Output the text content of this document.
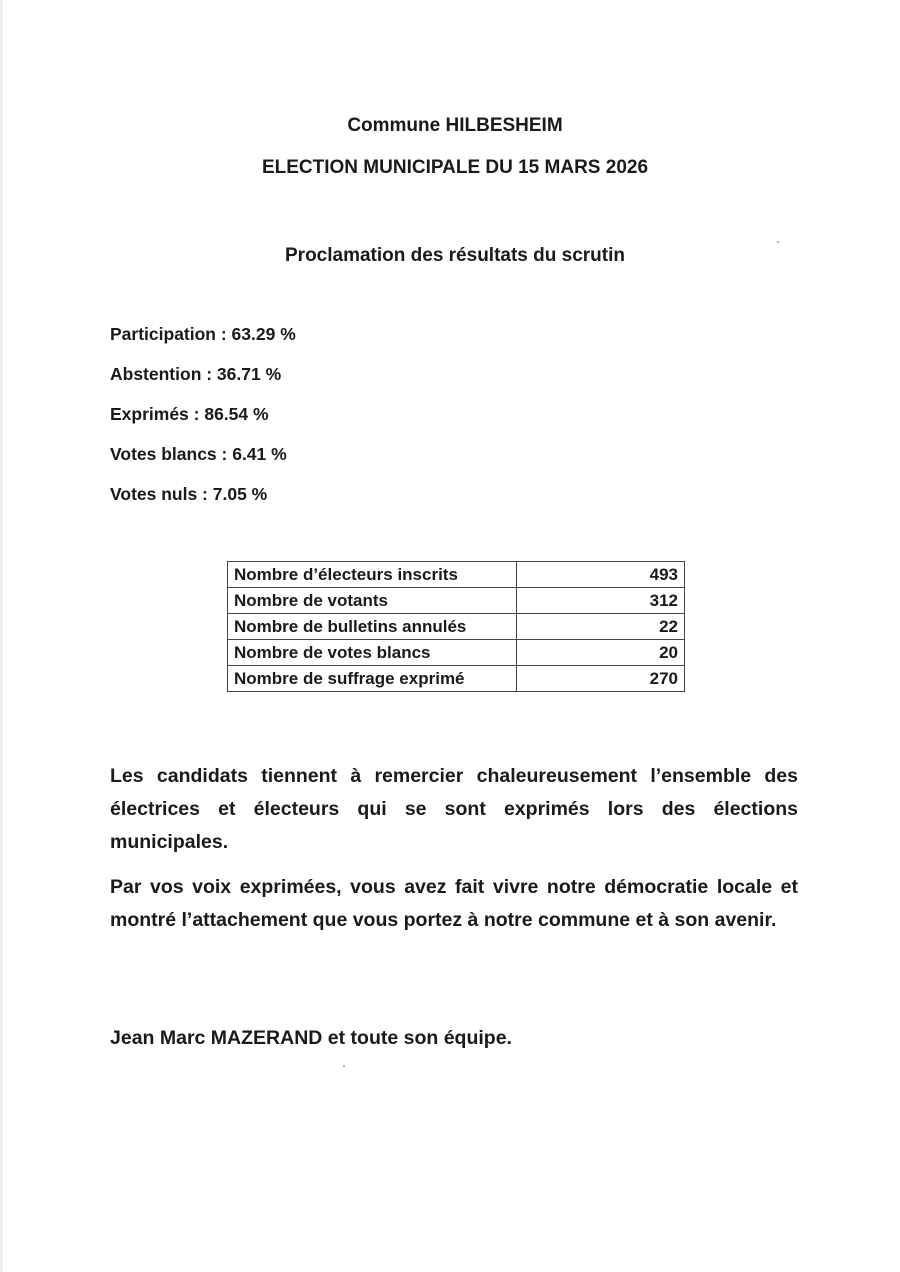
Commune HILBESHEIM
ELECTION MUNICIPALE DU 15 MARS 2026
Proclamation des résultats du scrutin
Participation : 63.29 %
Abstention : 36.71 %
Exprimés : 86.54 %
Votes blancs : 6.41 %
Votes nuls : 7.05 %
Nombre d’électeurs inscrits	493
Nombre de votants	312
Nombre de bulletins annulés	22
Nombre de votes blancs	20
Nombre de suffrage exprimé	270

Les candidats tiennent à remercier chaleureusement l’ensemble des électrices et électeurs qui se sont exprimés lors des élections municipales.

Par vos voix exprimées, vous avez fait vivre notre démocratie locale et montré l’attachement que vous portez à notre commune et à son avenir.

Jean Marc MAZERAND et toute son équipe.
